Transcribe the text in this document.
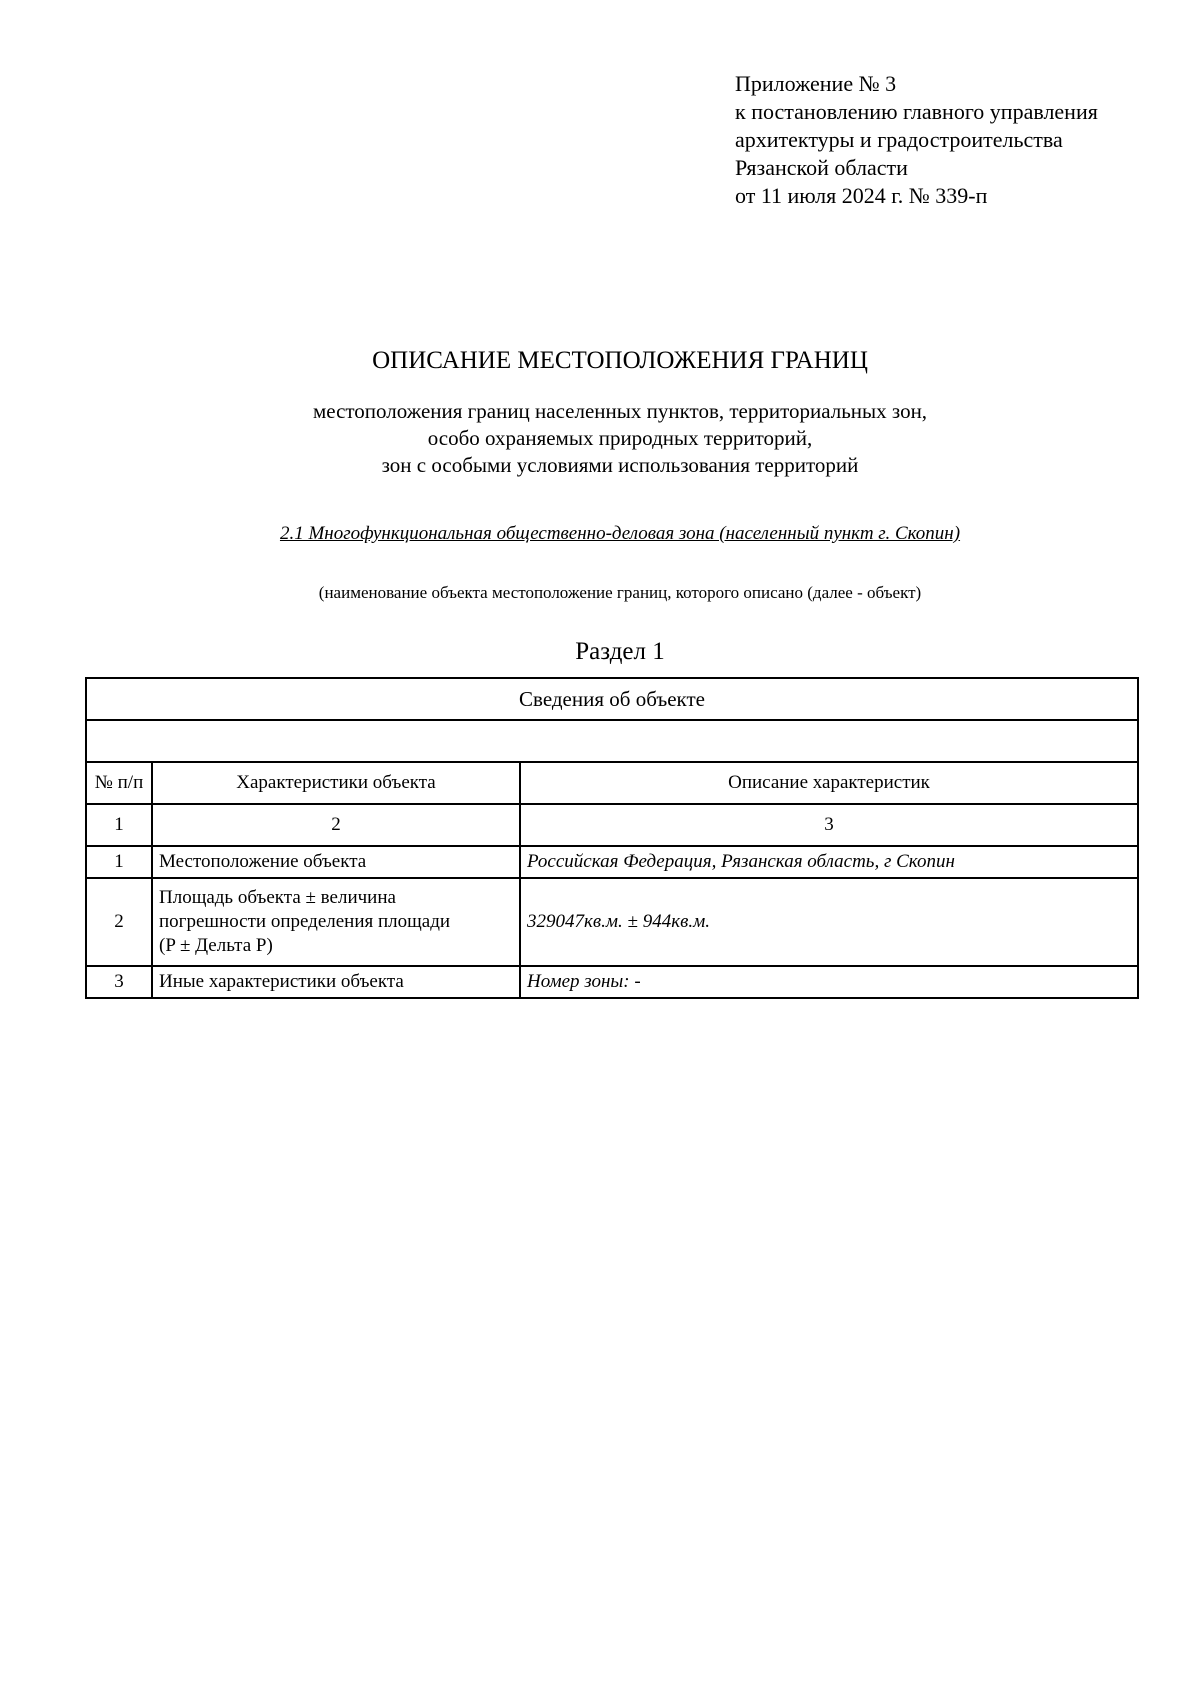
Приложение № 3
к постановлению главного управления
архитектуры и градостроительства
Рязанской области
от 11 июля 2024 г. № 339-п
ОПИСАНИЕ МЕСТОПОЛОЖЕНИЯ ГРАНИЦ
местоположения границ населенных пунктов, территориальных зон,
особо охраняемых природных территорий,
зон с особыми условиями использования территорий
2.1 Многофункциональная общественно-деловая зона (населенный пункт г. Скопин)
(наименование объекта местоположение границ, которого описано (далее - объект)
Раздел 1
Сведения об объекте		

№ п/п	Характеристики объекта	Описание характеристик
1	2	3
1	Местоположение объекта	Российская Федерация, Рязанская область, г Скопин
2	Площадь объекта ± величина
погрешности определения площади
(P ± Дельта P)	329047кв.м. ± 944кв.м.
3	Иные характеристики объекта	Номер зоны: -
